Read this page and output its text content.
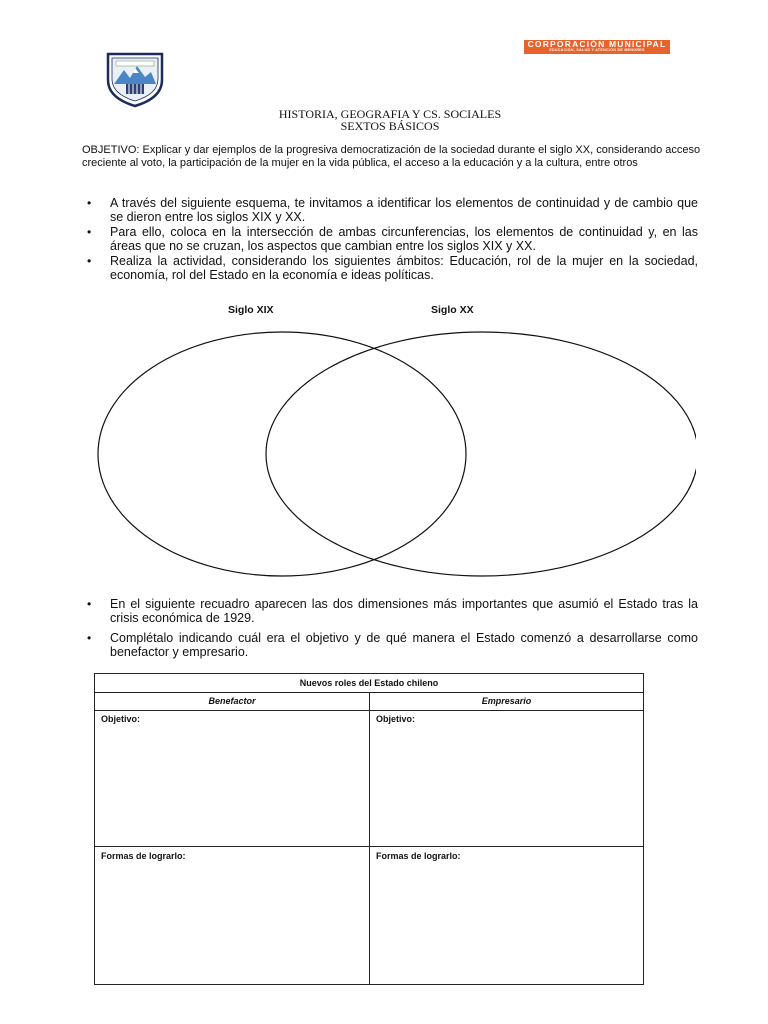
CORPORACIÓN MUNICIPAL
EDUCACIÓN, SALUD Y ATENCIÓN DE MENORES
HISTORIA, GEOGRAFIA Y CS. SOCIALES
SEXTOS BÁSICOS
OBJETIVO: Explicar y dar ejemplos de la progresiva democratización de la sociedad durante el siglo XX, considerando acceso creciente al voto, la participación de la mujer en la vida pública, el acceso a la educación y a la cultura, entre otros
• A través del siguiente esquema, te invitamos a identificar los elementos de continuidad y de cambio que se dieron entre los siglos XIX y XX.
• Para ello, coloca en la intersección de ambas circunferencias, los elementos de continuidad y, en las áreas que no se cruzan, los aspectos que cambian entre los siglos XIX y XX.
• Realiza la actividad, considerando los siguientes ámbitos: Educación, rol de la mujer en la sociedad, economía, rol del Estado en la economía e ideas políticas.
Siglo XIX	Siglo XX
• En el siguiente recuadro aparecen las dos dimensiones más importantes que asumió el Estado tras la crisis económica de 1929.
• Complétalo indicando cuál era el objetivo y de qué manera el Estado comenzó a desarrollarse como benefactor y empresario.
Nuevos roles del Estado chileno
Benefactor	Empresario
Objetivo:	Objetivo:
Formas de lograrlo:	Formas de lograrlo:
